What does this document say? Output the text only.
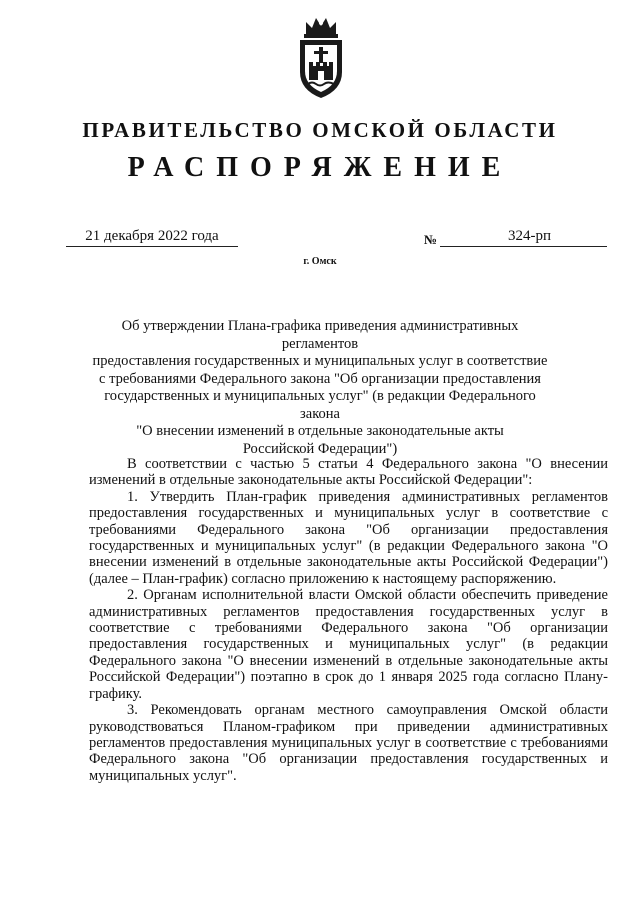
ПРАВИТЕЛЬСТВО ОМСКОЙ ОБЛАСТИ
РАСПОРЯЖЕНИЕ
21 декабря 2022 года	№	324-рп
г. Омск
Об утверждении Плана-графика приведения административных регламентов
предоставления государственных и муниципальных услуг в соответствие
с требованиями Федерального закона "Об организации предоставления
государственных и муниципальных услуг" (в редакции Федерального закона
"О внесении изменений в отдельные законодательные акты
Российской Федерации")

В соответствии с частью 5 статьи 4 Федерального закона "О внесении изменений в отдельные законодательные акты Российской Федерации":

1. Утвердить План-график приведения административных регламентов предоставления государственных и муниципальных услуг в соответствие с требованиями Федерального закона "Об организации предоставления государственных и муниципальных услуг" (в редакции Федерального закона "О внесении изменений в отдельные законодательные акты Российской Федерации") (далее – План-график) согласно приложению к настоящему распоряжению.

2. Органам исполнительной власти Омской области обеспечить приведение административных регламентов предоставления государственных услуг в соответствие с требованиями Федерального закона "Об организации предоставления государственных и муниципальных услуг" (в редакции Федерального закона "О внесении изменений в отдельные законодательные акты Российской Федерации") поэтапно в срок до 1 января 2025 года согласно Плану-графику.

3. Рекомендовать органам местного самоуправления Омской области руководствоваться Планом-графиком при приведении административных регламентов предоставления муниципальных услуг в соответствие с требованиями Федерального закона "Об организации предоставления государственных и муниципальных услуг".
